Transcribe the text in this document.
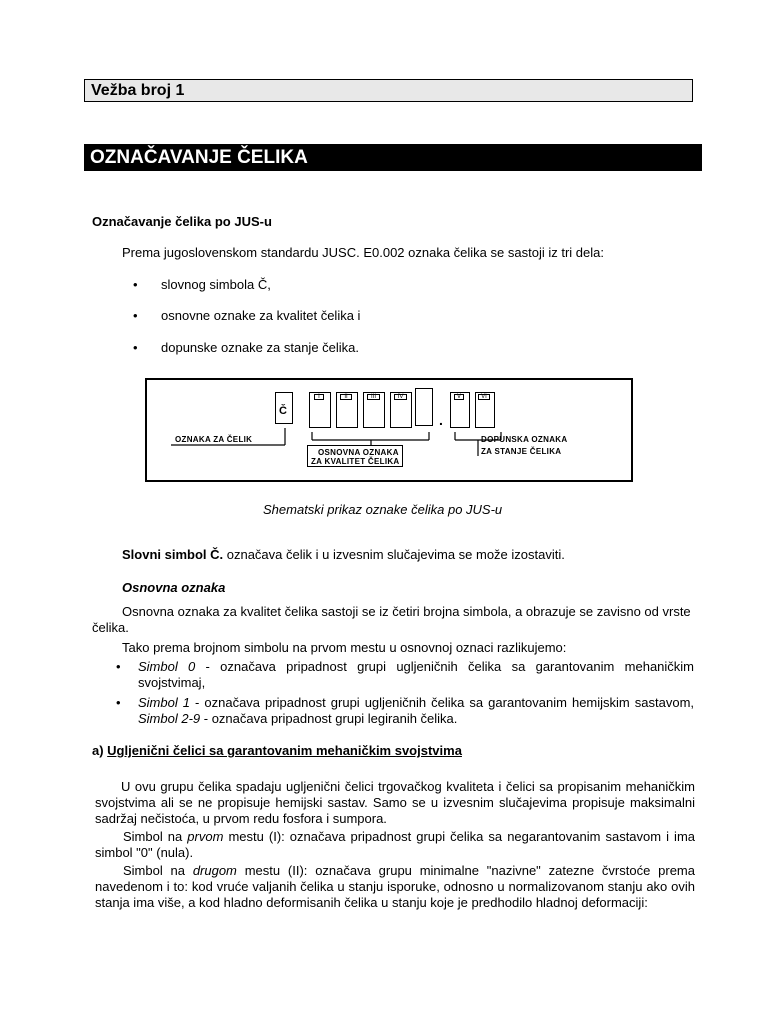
Vežba broj 1
OZNAČAVANJE ČELIKA
Označavanje čelika po JUS-u
Prema jugoslovenskom standardu JUSC. E0.002 oznaka čelika se sastoji iz tri dela:
• slovnog simbola Č,
• osnovne oznake za kvalitet čelika i
• dopunske oznake za stanje čelika.
Č
I	II	III	IV
.
V	VI
OZNAKA ZA ČELIK
OSNOVNA OZNAKA
ZA KVALITET ČELIKA
DOPUNSKA OZNAKA
ZA STANJE ČELIKA
Shematski prikaz oznake čelika po JUS-u
Slovni simbol Č. označava čelik i u izvesnim slučajevima se može izostaviti.
Osnovna oznaka
Osnovna oznaka za kvalitet čelika sastoji se iz četiri brojna simbola, a obrazuje se zavisno od vrste čelika.
Tako prema brojnom simbolu na prvom mestu u osnovnoj oznaci razlikujemo:
• Simbol 0 - označava pripadnost grupi ugljeničnih čelika sa garantovanim mehaničkim svojstvimaj,
• Simbol 1 - označava pripadnost grupi ugljeničnih čelika sa garantovanim hemijskim sastavom, Simbol 2-9 - označava pripadnost grupi legiranih čelika.
a) Ugljenični čelici sa garantovanim mehaničkim svojstvima
U ovu grupu čelika spadaju ugljenični čelici trgovačkog kvaliteta i čelici sa propisanim mehaničkim svojstvima ali se ne propisuje hemijski sastav. Samo se u izvesnim slučajevima propisuje maksimalni sadržaj nečistoća, u prvom redu fosfora i sumpora.
Simbol na prvom mestu (I): označava pripadnost grupi čelika sa negarantovanim sastavom i ima simbol "0" (nula).
Simbol na drugom mestu (II): označava grupu minimalne "nazivne" zatezne čvrstoće prema navedenom i to: kod vruće valjanih čelika u stanju isporuke, odnosno u normalizovanom stanju ako ovih stanja ima više, a kod hladno deformisanih čelika u stanju koje je predhodilo hladnoj deformaciji:
